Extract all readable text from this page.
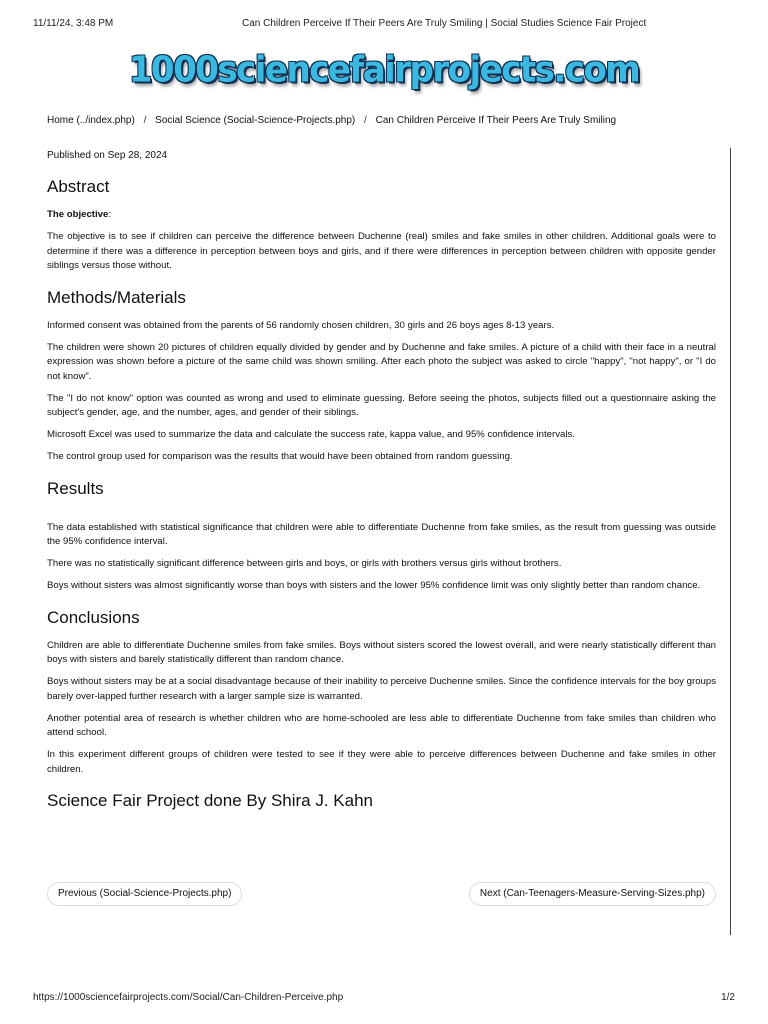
11/11/24, 3:48 PM	Can Children Perceive If Their Peers Are Truly Smiling | Social Studies Science Fair Project
1000sciencefairprojects.com
Home (../index.php) / Social Science (Social-Science-Projects.php) / Can Children Perceive If Their Peers Are Truly Smiling
Published on Sep 28, 2024
Abstract

The objective:

The objective is to see if children can perceive the difference between Duchenne (real) smiles and fake smiles in other children. Additional goals were to determine if there was a difference in perception between boys and girls, and if there were differences in perception between children with opposite gender siblings versus those without.

Methods/Materials

Informed consent was obtained from the parents of 56 randomly chosen children, 30 girls and 26 boys ages 8-13 years.

The children were shown 20 pictures of children equally divided by gender and by Duchenne and fake smiles. A picture of a child with their face in a neutral expression was shown before a picture of the same child was shown smiling. After each photo the subject was asked to circle "happy", "not happy", or "I do not know".

The "I do not know" option was counted as wrong and used to eliminate guessing. Before seeing the photos, subjects filled out a questionnaire asking the subject's gender, age, and the number, ages, and gender of their siblings.

Microsoft Excel was used to summarize the data and calculate the success rate, kappa value, and 95% confidence intervals.

The control group used for comparison was the results that would have been obtained from random guessing.

Results

The data established with statistical significance that children were able to differentiate Duchenne from fake smiles, as the result from guessing was outside the 95% confidence interval.

There was no statistically significant difference between girls and boys, or girls with brothers versus girls without brothers.

Boys without sisters was almost significantly worse than boys with sisters and the lower 95% confidence limit was only slightly better than random chance.

Conclusions

Children are able to differentiate Duchenne smiles from fake smiles. Boys without sisters scored the lowest overall, and were nearly statistically different than boys with sisters and barely statistically different than random chance.

Boys without sisters may be at a social disadvantage because of their inability to perceive Duchenne smiles. Since the confidence intervals for the boy groups barely over-lapped further research with a larger sample size is warranted.

Another potential area of research is whether children who are home-schooled are less able to differentiate Duchenne from fake smiles than children who attend school.

In this experiment different groups of children were tested to see if they were able to perceive differences between Duchenne and fake smiles in other children.

Science Fair Project done By Shira J. Kahn
Previous (Social-Science-Projects.php)	Next (Can-Teenagers-Measure-Serving-Sizes.php)
https://1000sciencefairprojects.com/Social/Can-Children-Perceive.php	1/2
